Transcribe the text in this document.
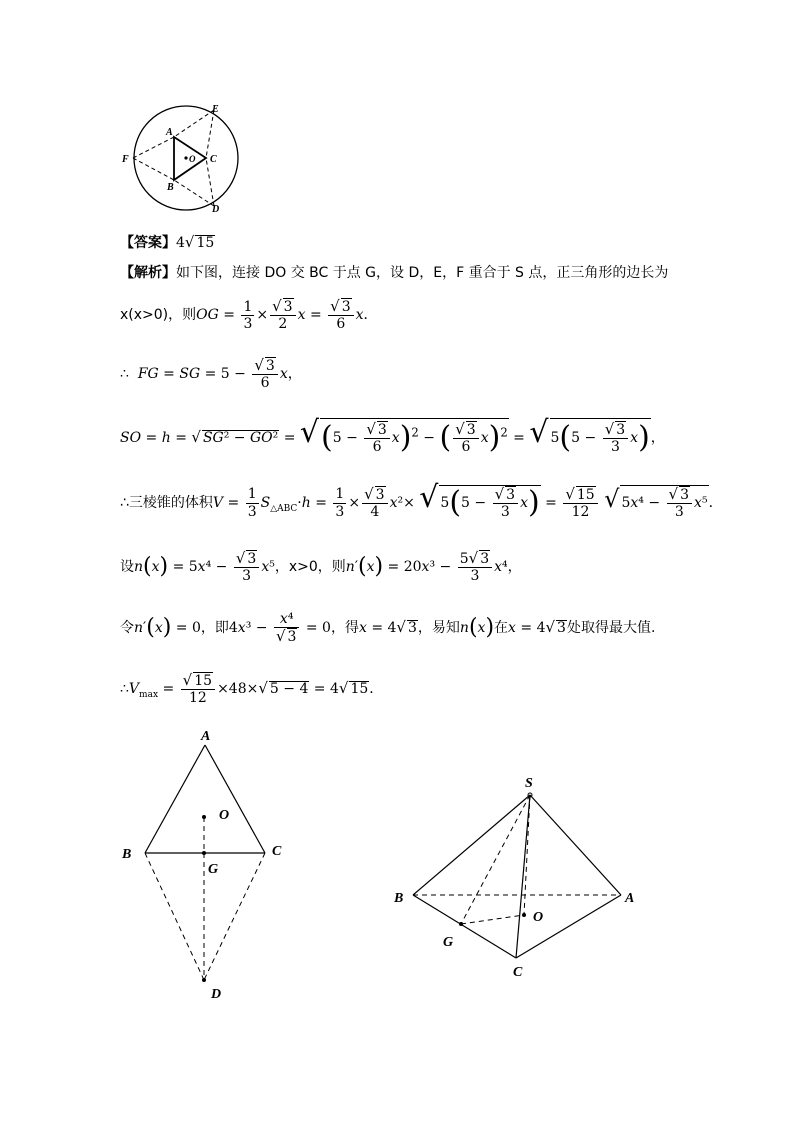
A
B
C
D
E
F	O
【答案】4√ 15
【解析】如下图，连接 DO 交 BC 于点 G，设 D，E，F 重合于 S 点，正三角形的边长为
x(x>0)，则OG = $\frac{1}{3} \times \frac{√ 3}{2}$ $x = \frac{√ 3}{6}$ x．
∴ FG = SG = $5 - \frac{√ 3}{6}$ x，
SO = h = √ $SG^2 - GO^2 = √(5 - \frac{√ 3}{6} x)^2$ − ( $\frac{√ 3}{6} x)^2$ = √ $5(5 - \frac{√ 3}{3} x)$，
∴三棱锥的体积$V = \frac{1}{3} S_{\triangle ABC}\cdot h = \frac{1}{3} \times \frac{√ 3}{4} x^2\times$ √ $5(5 - \frac{√ 3}{3} x) = \frac{√ 15}{12}$ √ $5x^4 - \frac{√ 3}{3} x^5$．
设$n(x) = 5x^4 - \frac{√ 3}{3} x^5$，x>0，则$n'(x) = 20x^3 - \frac{5√ 3}{3} x^4$，
令n′(x) = 0，即$4x^3 - \frac{\text{x⁴}}{√ 3} = 0$，得x = 4√ 3，易知n(x)在x = 4√ 3处取得最大值.
$\therefore V_{max} = \frac{√ 15}{12} \times 48\times√$ 5 − 4 = 4√ 15．
A
B	C
D
G
O
S
B	A
C
G
O
